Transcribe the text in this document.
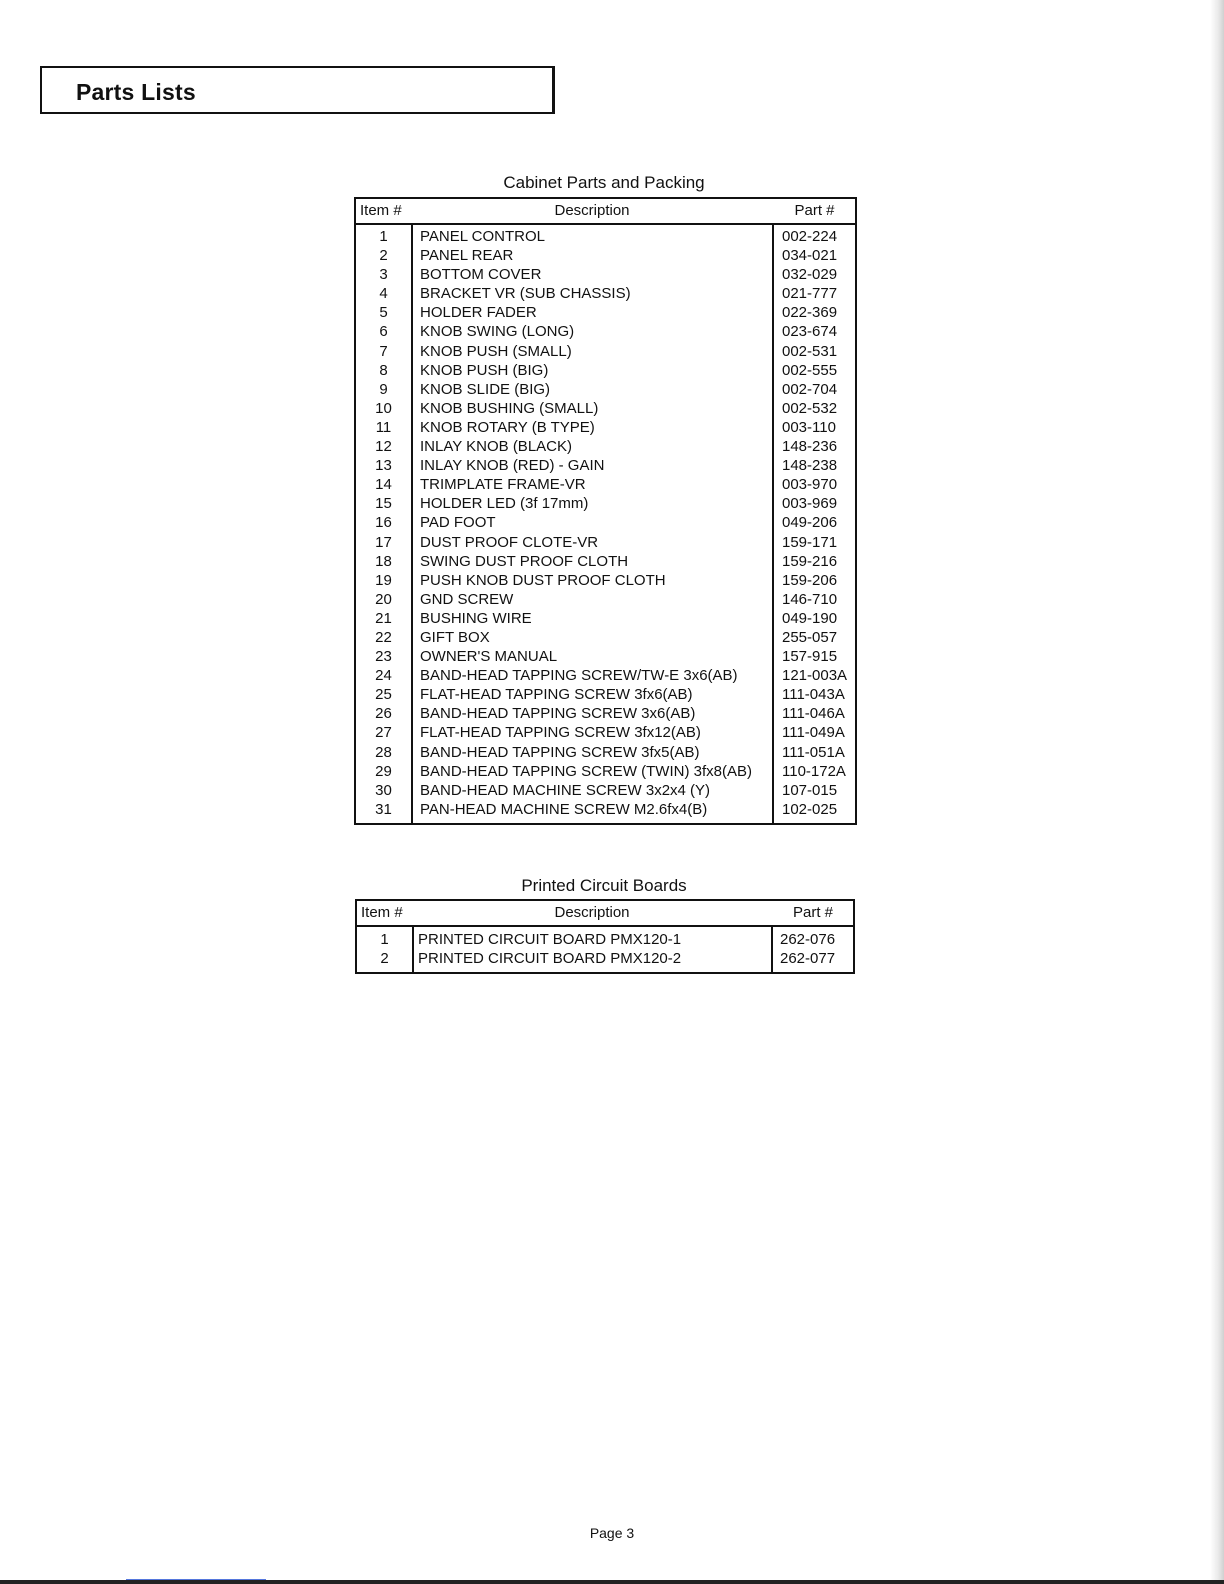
Parts Lists
Cabinet Parts and Packing
Item #	Description	Part #
1	PANEL CONTROL	002-224
2	PANEL REAR	034-021
3	BOTTOM COVER	032-029
4	BRACKET VR (SUB CHASSIS)	021-777
5	HOLDER FADER	022-369
6	KNOB SWING (LONG)	023-674
7	KNOB PUSH (SMALL)	002-531
8	KNOB PUSH (BIG)	002-555
9	KNOB SLIDE (BIG)	002-704
10	KNOB BUSHING (SMALL)	002-532
11	KNOB ROTARY (B TYPE)	003-110
12	INLAY KNOB (BLACK)	148-236
13	INLAY KNOB (RED) - GAIN	148-238
14	TRIMPLATE FRAME-VR	003-970
15	HOLDER LED (3f 17mm)	003-969
16	PAD FOOT	049-206
17	DUST PROOF CLOTE-VR	159-171
18	SWING DUST PROOF CLOTH	159-216
19	PUSH KNOB DUST PROOF CLOTH	159-206
20	GND SCREW	146-710
21	BUSHING WIRE	049-190
22	GIFT BOX	255-057
23	OWNER'S MANUAL	157-915
24	BAND-HEAD TAPPING SCREW/TW-E 3x6(AB)	121-003A
25	FLAT-HEAD TAPPING SCREW 3fx6(AB)	111-043A
26	BAND-HEAD TAPPING SCREW 3x6(AB)	111-046A
27	FLAT-HEAD TAPPING SCREW 3fx12(AB)	111-049A
28	BAND-HEAD TAPPING SCREW 3fx5(AB)	111-051A
29	BAND-HEAD TAPPING SCREW (TWIN) 3fx8(AB) 110-172A
30	BAND-HEAD MACHINE SCREW 3x2x4 (Y)	107-015
31	PAN-HEAD MACHINE SCREW M2.6fx4(B)	102-025
Printed Circuit Boards
Item #	Description	Part #
1	PRINTED CIRCUIT BOARD PMX120-1	262-076
2	PRINTED CIRCUIT BOARD PMX120-2	262-077
Page 3
